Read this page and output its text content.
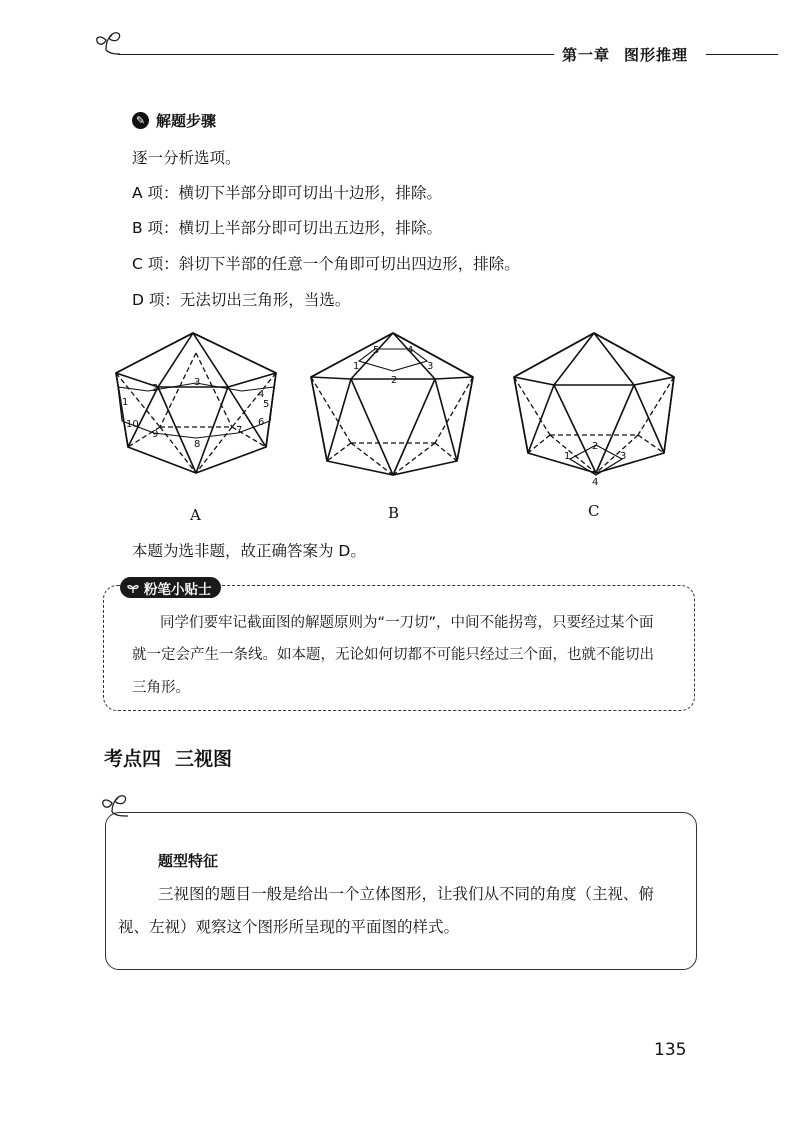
第一章 图形推理
✎ 解题步骤
逐一分析选项。
A 项：横切下半部分即可切出十边形，排除。
B 项：横切上半部分即可切出五边形，排除。
C 项：斜切下半部的任意一个角即可切出四边形，排除。
D 项：无法切出三角形，当选。
1
2
3
4
5
6
7
8
9
10
1
2
3
4
5
1
2
3
4
A	B	C
本题为选非题，故正确答案为 D。
粉笔小贴士
同学们要牢记截面图的解题原则为“一刀切”，中间不能拐弯，只要经过某个面
就一定会产生一条线。如本题，无论如何切都不可能只经过三个面，也就不能切出
三角形。
考点四 三视图
题型特征
三视图的题目一般是给出一个立体图形，让我们从不同的角度（主视、俯
视、左视）观察这个图形所呈现的平面图的样式。
135
